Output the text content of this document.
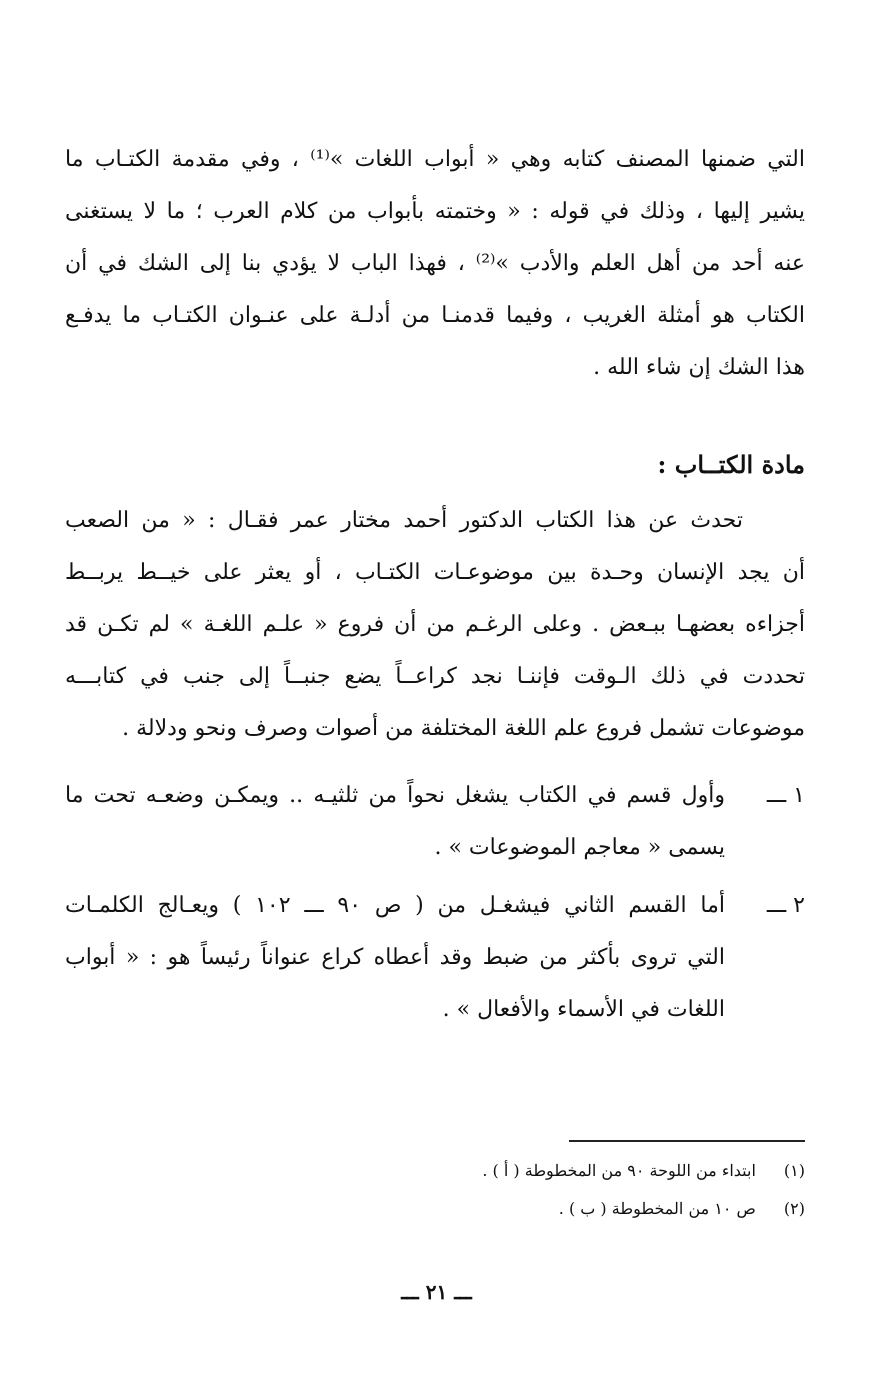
التي ضمنها المصنف كتابه وهي « أبواب اللغات »⁽¹⁾ ، وفي مقدمة الكتـاب ما
يشير إليها ، وذلك في قوله : « وختمته بأبواب من كلام العرب ؛ ما لا يستغنى
عنه أحد من أهل العلم والأدب »⁽²⁾ ، فهذا الباب لا يؤدي بنا إلى الشك في أن
الكتاب هو أمثلة الغريب ، وفيما قدمنـا من أدلـة على عنـوان الكتـاب ما يدفـع
هذا الشك إن شاء الله .
مادة الكتــاب :
تحدث عن هذا الكتاب الدكتور أحمد مختار عمر فقـال : « من الصعب
أن يجد الإنسان وحـدة بين موضوعـات الكتـاب ، أو يعثر على خيــط يربــط
أجزاءه بعضهـا ببـعض . وعلى الرغـم من أن فروع « علـم اللغـة » لم تكـن قد
تحددت في ذلك الـوقت فإننـا نجد كراعــاً يضع جنبــاً إلى جنب في كتابـــه
موضوعات تشمل فروع علم اللغة المختلفة من أصوات وصرف ونحو ودلالة .
١ ـــ
وأول قسم في الكتاب يشغل نحواً من ثلثيـه .. ويمكـن وضعـه تحت ما
يسمى « معاجم الموضوعات » .
٢ ـــ
أما القسم الثاني فيشغـل من ( ص ٩٠ ـــ ١٠٢ ) ويعـالج الكلمـات
التي تروى بأكثر من ضبط وقد أعطاه كراع عنواناً رئيساً هو : « أبواب
اللغات في الأسماء والأفعال » .
(١) ابتداء من اللوحة ٩٠ من المخطوطة ( أ ) .
(٢) ص ١٠ من المخطوطة ( ب ) .
ـــ ٢١ ـــ
